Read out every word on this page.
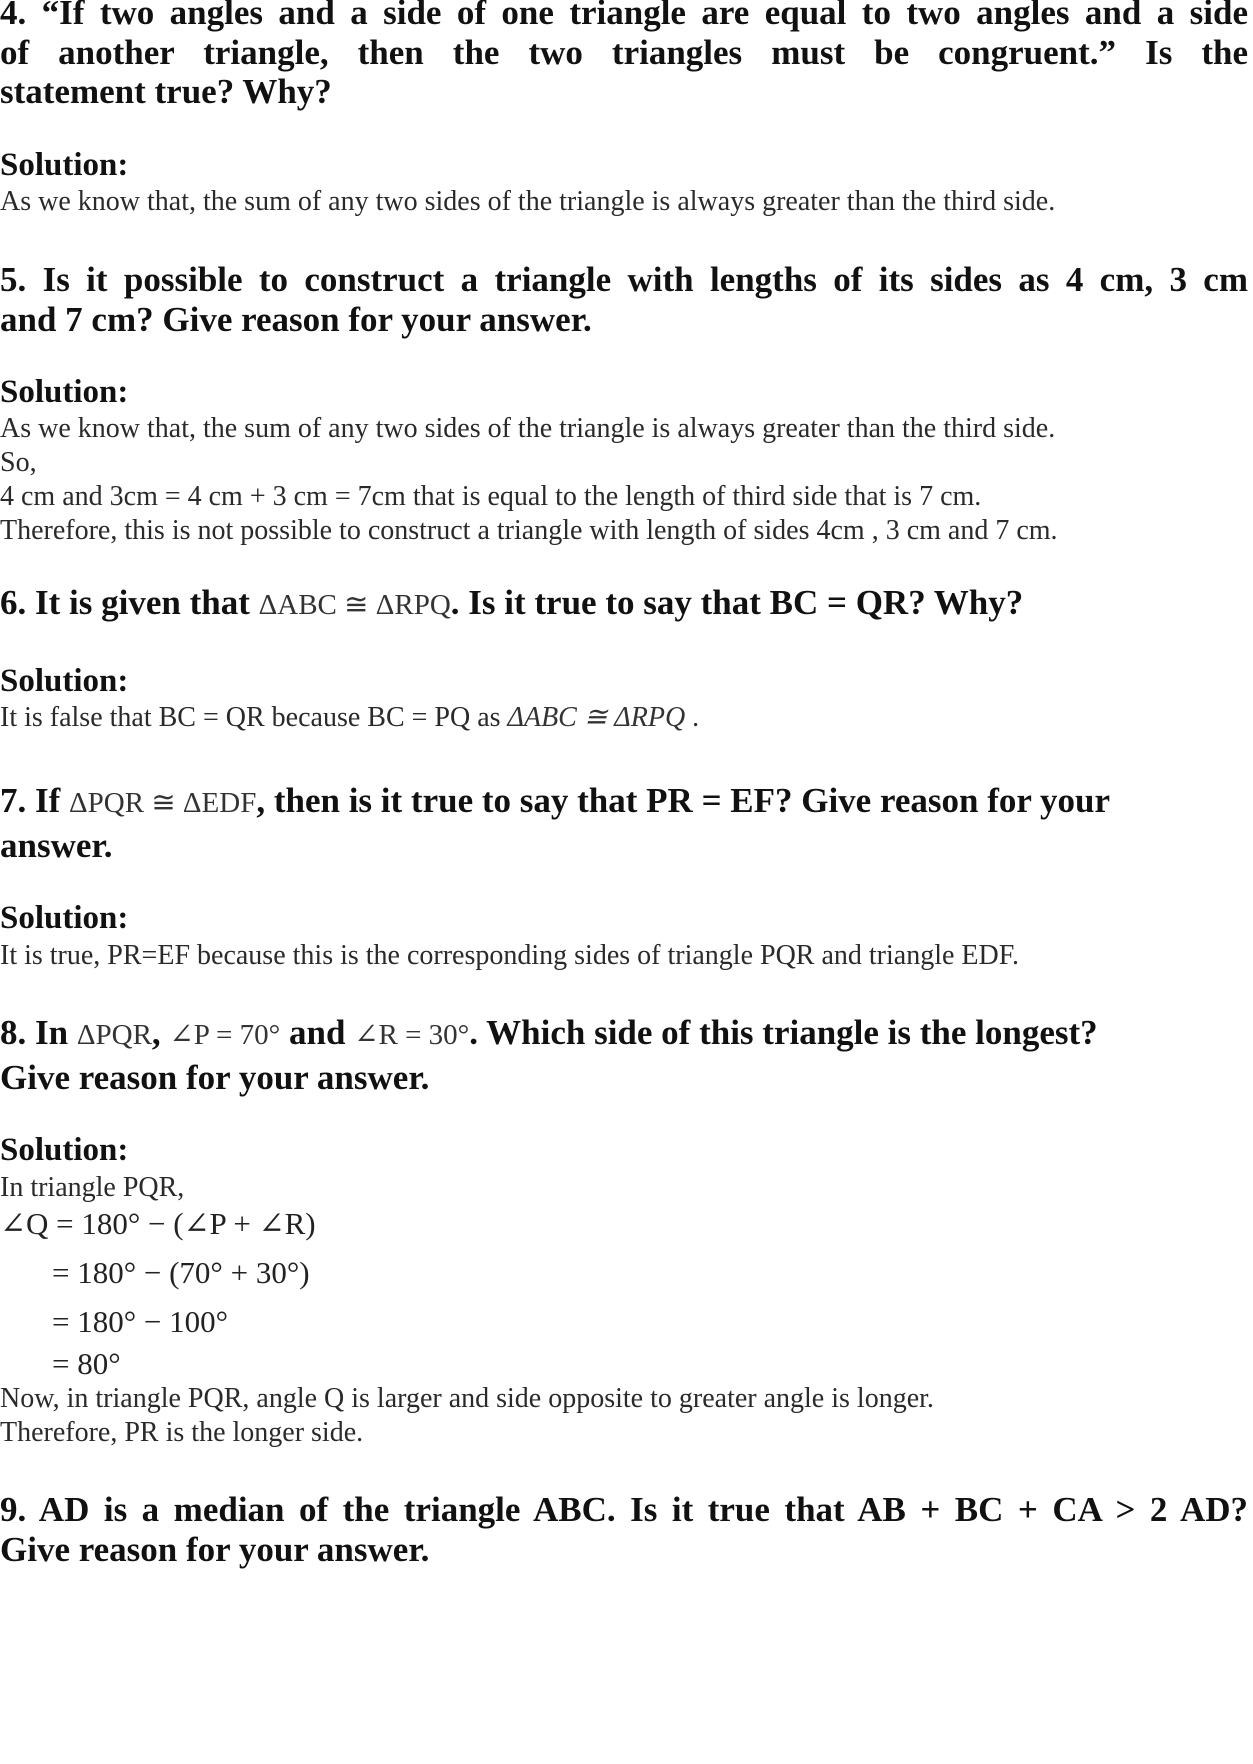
4. “If two angles and a side of one triangle are equal to two angles and a side
of another triangle, then the two triangles must be congruent.” Is the
statement true? Why?
Solution:
As we know that, the sum of any two sides of the triangle is always greater than the third side.
5. Is it possible to construct a triangle with lengths of its sides as 4 cm, 3 cm
and 7 cm? Give reason for your answer.
Solution:
As we know that, the sum of any two sides of the triangle is always greater than the third side.
So,
4 cm and 3cm = 4 cm + 3 cm = 7cm that is equal to the length of third side that is 7 cm.
Therefore, this is not possible to construct a triangle with length of sides 4cm , 3 cm and 7 cm.
6. It is given that ΔABC ≅ ΔRPQ. Is it true to say that BC = QR? Why?
Solution:
It is false that BC = QR because BC = PQ as ΔABC ≅ ΔRPQ .
7. If ΔPQR ≅ ΔEDF, then is it true to say that PR = EF? Give reason for your
answer.
Solution:
It is true, PR=EF because this is the corresponding sides of triangle PQR and triangle EDF.
8. In ΔPQR, ∠P = 70° and ∠R = 30°. Which side of this triangle is the longest?
Give reason for your answer.
Solution:
In triangle PQR,
∠Q = 180° − (∠P + ∠R)
= 180° − (70° + 30°)
= 180° − 100°
= 80°
Now, in triangle PQR, angle Q is larger and side opposite to greater angle is longer.
Therefore, PR is the longer side.
9. AD is a median of the triangle ABC. Is it true that AB + BC + CA > 2 AD?
Give reason for your answer.
